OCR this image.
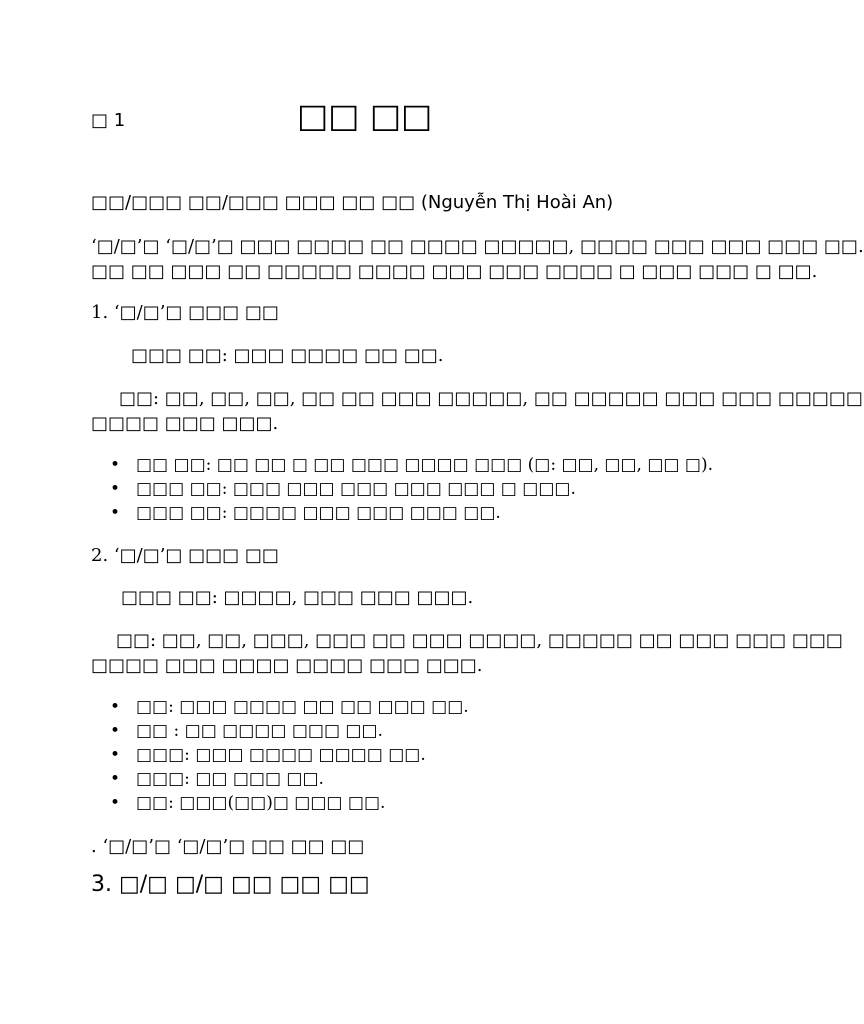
□ 1	□□ □□
□□/□□□ □□/□□□ □□□ □□ □□ (Nguyễn Thị Hoài An)
‘□/□’□ ‘□/□’□ □□□ □□□□ □□ □□□□ □□□□□, □□□□ □□□ □□□ □□□ □□.
□□ □□ □□□ □□ □□□□□ □□□□ □□□ □□□ □□□□ □ □□□ □□□ □ □□.
1. ‘□/□’□ □□□ □□
□□□ □□: □□□ □□□□ □□ □□.
□□: □□, □□, □□, □□ □□ □□□ □□□□□, □□ □□□□□ □□□ □□□ □□□□□
□□□□ □□□ □□□.
• □□ □□: □□ □□ □ □□ □□□ □□□□ □□□ (□: □□, □□, □□ □).
• □□□ □□: □□□ □□□ □□□ □□□ □□□ □ □□□.
• □□□ □□: □□□□ □□□ □□□ □□□ □□.
2. ‘□/□’□ □□□ □□
□□□ □□: □□□□, □□□ □□□ □□□.
□□: □□, □□, □□□, □□□ □□ □□□ □□□□, □□□□□ □□ □□□ □□□ □□□
□□□□ □□□ □□□□ □□□□ □□□ □□□.
• □□: □□□ □□□□ □□ □□ □□□ □□.
• □□ : □□ □□□□ □□□ □□.
• □□□: □□□ □□□□ □□□□ □□.
• □□□: □□ □□□ □□.
• □□: □□□(□□)□ □□□ □□.
. ‘□/□’□ ‘□/□’□ □□ □□ □□
3. □/□ □/□ □□ □□ □□
